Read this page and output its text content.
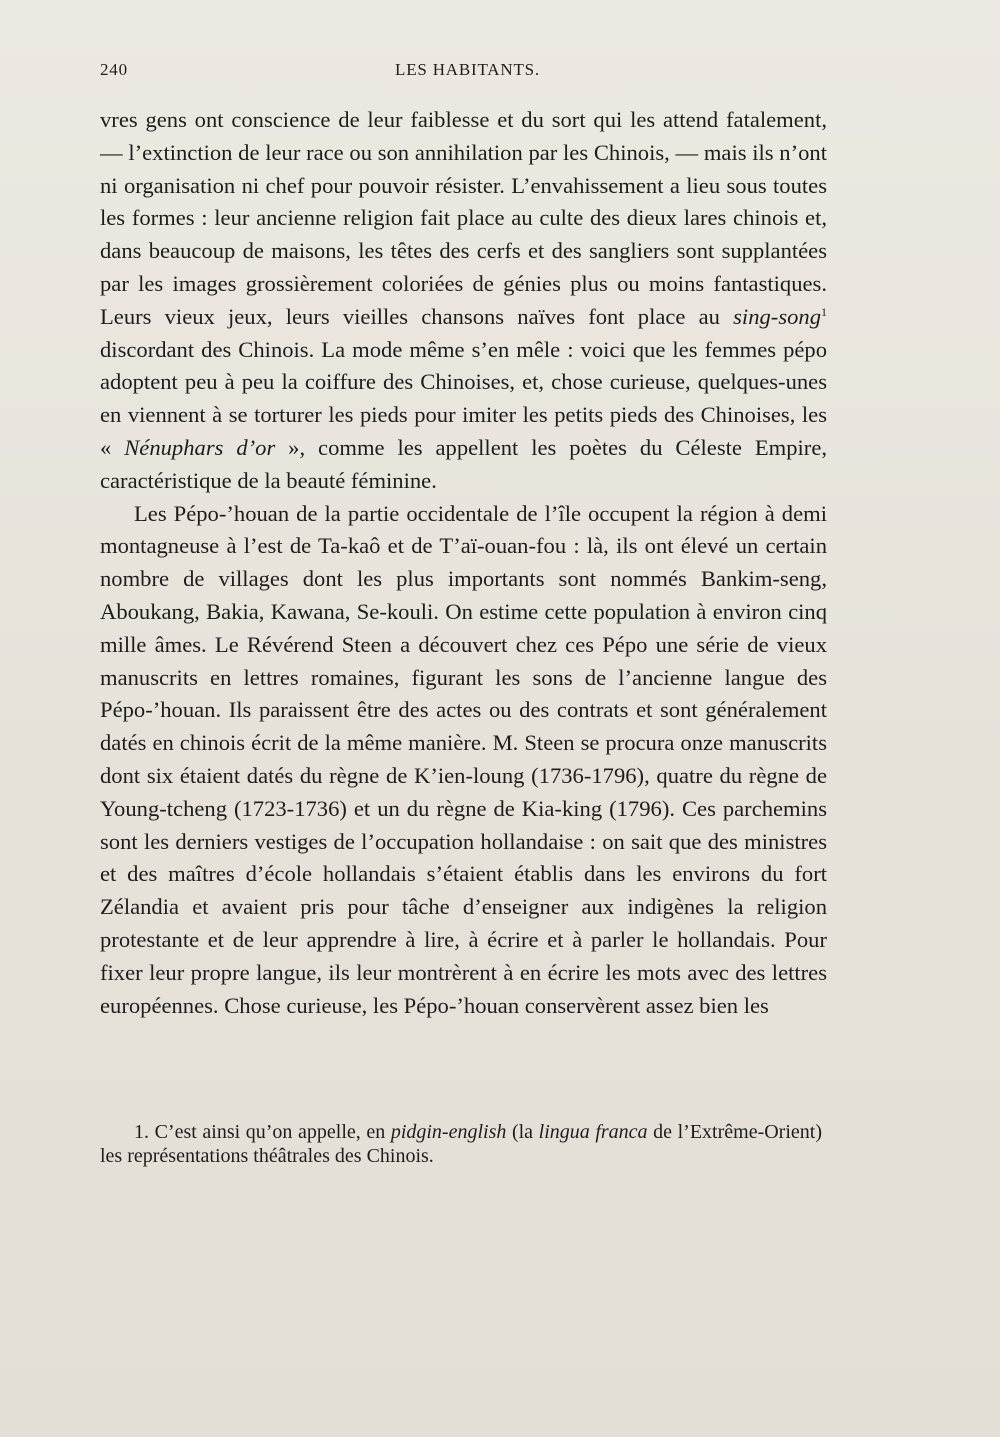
240	LES HABITANTS.

vres gens ont conscience de leur faiblesse et du sort qui les attend fatalement, — l’extinction de leur race ou son annihilation par les Chinois, — mais ils n’ont ni organisation ni chef pour pouvoir résister. L’envahissement a lieu sous toutes les formes : leur ancienne religion fait place au culte des dieux lares chinois et, dans beaucoup de maisons, les têtes des cerfs et des sangliers sont supplantées par les images grossièrement coloriées de génies plus ou moins fantastiques. Leurs vieux jeux, leurs vieilles chansons naïves font place au sing-song$^1$ discordant des Chinois. La mode même s’en mêle : voici que les femmes pépo adoptent peu à peu la coiffure des Chinoises, et, chose curieuse, quelques-unes en viennent à se torturer les pieds pour imiter les petits pieds des Chinoises, les « Nénuphars d’or », comme les appellent les poètes du Céleste Empire, caractéristique de la beauté féminine.

Les Pépo-’houan de la partie occidentale de l’île occupent la région à demi montagneuse à l’est de Ta-kaô et de T’aï-ouan-fou : là, ils ont élevé un certain nombre de villages dont les plus importants sont nommés Bankim-seng, Aboukang, Bakia, Kawana, Se-kouli. On estime cette population à environ cinq mille âmes. Le Révérend Steen a découvert chez ces Pépo une série de vieux manuscrits en lettres romaines, figurant les sons de l’ancienne langue des Pépo-’houan. Ils paraissent être des actes ou des contrats et sont généralement datés en chinois écrit de la même manière. M. Steen se procura onze manuscrits dont six étaient datés du règne de K’ien-loung (1736-1796), quatre du règne de Young-tcheng (1723-1736) et un du règne de Kia-king (1796). Ces parchemins sont les derniers vestiges de l’occupation hollandaise : on sait que des ministres et des maîtres d’école hollandais s’étaient établis dans les environs du fort Zélandia et avaient pris pour tâche d’enseigner aux indigènes la religion protestante et de leur apprendre à lire, à écrire et à parler le hollandais. Pour fixer leur propre langue, ils leur montrèrent à en écrire les mots avec des lettres européennes. Chose curieuse, les Pépo-’houan conservèrent assez bien les

1. C’est ainsi qu’on appelle, en pidgin-english (la lingua franca de l’Extrême-Orient) les représentations théâtrales des Chinois.
